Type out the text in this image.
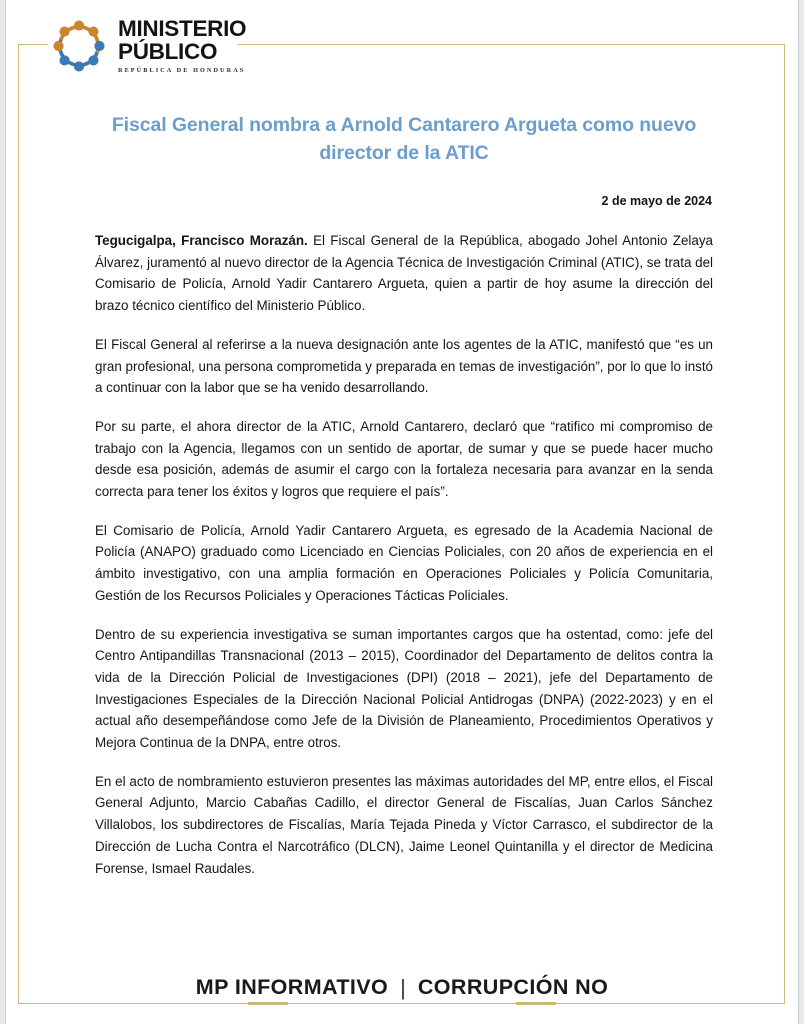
MINISTERIO
PÚBLICO
REPÚBLICA DE HONDURAS
Fiscal General nombra a Arnold Cantarero Argueta como nuevo director de la ATIC
2 de mayo de 2024

Tegucigalpa, Francisco Morazán. El Fiscal General de la República, abogado Johel Antonio Zelaya Álvarez, juramentó al nuevo director de la Agencia Técnica de Investigación Criminal (ATIC), se trata del Comisario de Policía, Arnold Yadir Cantarero Argueta, quien a partir de hoy asume la dirección del brazo técnico científico del Ministerio Público.

El Fiscal General al referirse a la nueva designación ante los agentes de la ATIC, manifestó que “es un gran profesional, una persona comprometida y preparada en temas de investigación”, por lo que lo instó a continuar con la labor que se ha venido desarrollando.

Por su parte, el ahora director de la ATIC, Arnold Cantarero, declaró que “ratifico mi compromiso de trabajo con la Agencia, llegamos con un sentido de aportar, de sumar y que se puede hacer mucho desde esa posición, además de asumir el cargo con la fortaleza necesaria para avanzar en la senda correcta para tener los éxitos y logros que requiere el país”.

El Comisario de Policía, Arnold Yadir Cantarero Argueta, es egresado de la Academia Nacional de Policía (ANAPO) graduado como Licenciado en Ciencias Policiales, con 20 años de experiencia en el ámbito investigativo, con una amplia formación en Operaciones Policiales y Policía Comunitaria, Gestión de los Recursos Policiales y Operaciones Tácticas Policiales.

Dentro de su experiencia investigativa se suman importantes cargos que ha ostentad, como: jefe del Centro Antipandillas Transnacional (2013 – 2015), Coordinador del Departamento de delitos contra la vida de la Dirección Policial de Investigaciones (DPI) (2018 – 2021), jefe del Departamento de Investigaciones Especiales de la Dirección Nacional Policial Antidrogas (DNPA) (2022-2023) y en el actual año desempeñándose como Jefe de la División de Planeamiento, Procedimientos Operativos y Mejora Continua de la DNPA, entre otros.

En el acto de nombramiento estuvieron presentes las máximas autoridades del MP, entre ellos, el Fiscal General Adjunto, Marcio Cabañas Cadillo, el director General de Fiscalías, Juan Carlos Sánchez Villalobos, los subdirectores de Fiscalías, María Tejada Pineda y Víctor Carrasco, el subdirector de la Dirección de Lucha Contra el Narcotráfico (DLCN), Jaime Leonel Quintanilla y el director de Medicina Forense, Ismael Raudales.

MP INFORMATIVO | CORRUPCIÓN NO
